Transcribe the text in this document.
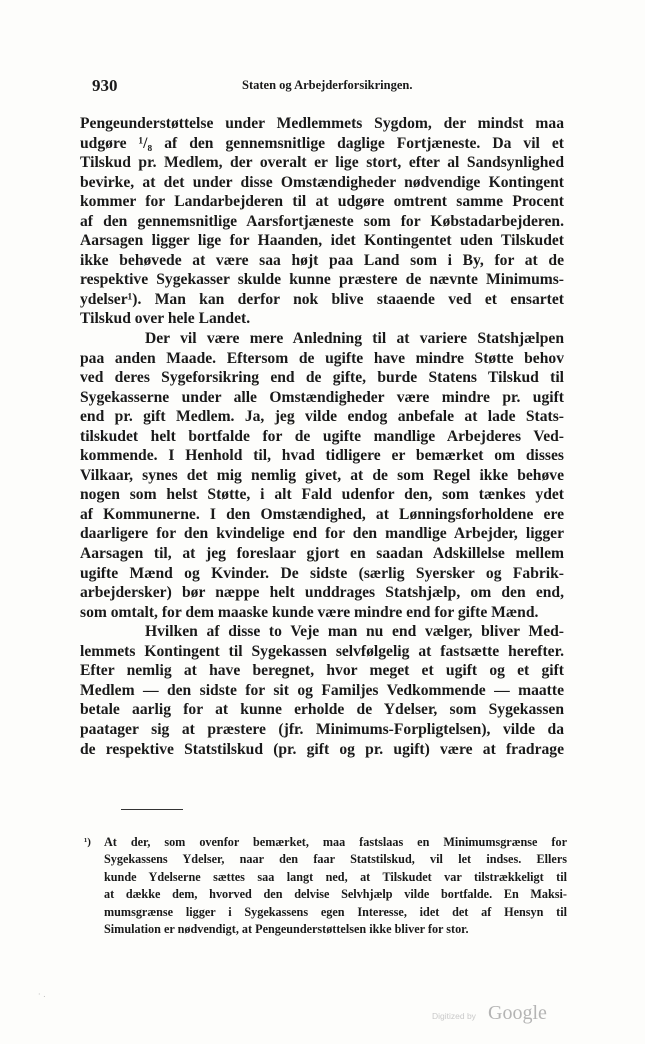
930	Staten og Arbejderforsikringen.
Pengeunderstøttelse under Medlemmets Sygdom, der mindst maa
udgøre ¹/₈ af den gennemsnitlige daglige Fortjæneste. Da vil et
Tilskud pr. Medlem, der overalt er lige stort, efter al Sandsynlighed
bevirke, at det under disse Omstændigheder nødvendige Kontingent
kommer for Landarbejderen til at udgøre omtrent samme Procent
af den gennemsnitlige Aarsfortjæneste som for Købstadarbejderen.
Aarsagen ligger lige for Haanden, idet Kontingentet uden Tilskudet
ikke behøvede at være saa højt paa Land som i By, for at de
respektive Sygekasser skulde kunne præstere de nævnte Minimums-
ydelser¹). Man kan derfor nok blive staaende ved et ensartet
Tilskud over hele Landet.
Der vil være mere Anledning til at variere Statshjælpen
paa anden Maade. Eftersom de ugifte have mindre Støtte behov
ved deres Sygeforsikring end de gifte, burde Statens Tilskud til
Sygekasserne under alle Omstændigheder være mindre pr. ugift
end pr. gift Medlem. Ja, jeg vilde endog anbefale at lade Stats-
tilskudet helt bortfalde for de ugifte mandlige Arbejderes Ved-
kommende. I Henhold til, hvad tidligere er bemærket om disses
Vilkaar, synes det mig nemlig givet, at de som Regel ikke behøve
nogen som helst Støtte, i alt Fald udenfor den, som tænkes ydet
af Kommunerne. I den Omstændighed, at Lønningsforholdene ere
daarligere for den kvindelige end for den mandlige Arbejder, ligger
Aarsagen til, at jeg foreslaar gjort en saadan Adskillelse mellem
ugifte Mænd og Kvinder. De sidste (særlig Syersker og Fabrik-
arbejdersker) bør næppe helt unddrages Statshjælp, om den end,
som omtalt, for dem maaske kunde være mindre end for gifte Mænd.
Hvilken af disse to Veje man nu end vælger, bliver Med-
lemmets Kontingent til Sygekassen selvfølgelig at fastsætte herefter.
Efter nemlig at have beregnet, hvor meget et ugift og et gift
Medlem — den sidste for sit og Familjes Vedkommende — maatte
betale aarlig for at kunne erholde de Ydelser, som Sygekassen
paatager sig at præstere (jfr. Minimums-Forpligtelsen), vilde da
de respektive Statstilskud (pr. gift og pr. ugift) være at fradrage
¹) At der, som ovenfor bemærket, maa fastslaas en Minimumsgrænse for
Sygekassens Ydelser, naar den faar Statstilskud, vil let indses. Ellers
kunde Ydelserne sættes saa langt ned, at Tilskudet var tilstrækkeligt til
at dække dem, hvorved den delvise Selvhjælp vilde bortfalde. En Maksi-
mumsgrænse ligger i Sygekassens egen Interesse, idet det af Hensyn til
Simulation er nødvendigt, at Pengeunderstøttelsen ikke bliver for stor.
· .
Digitized by Google
